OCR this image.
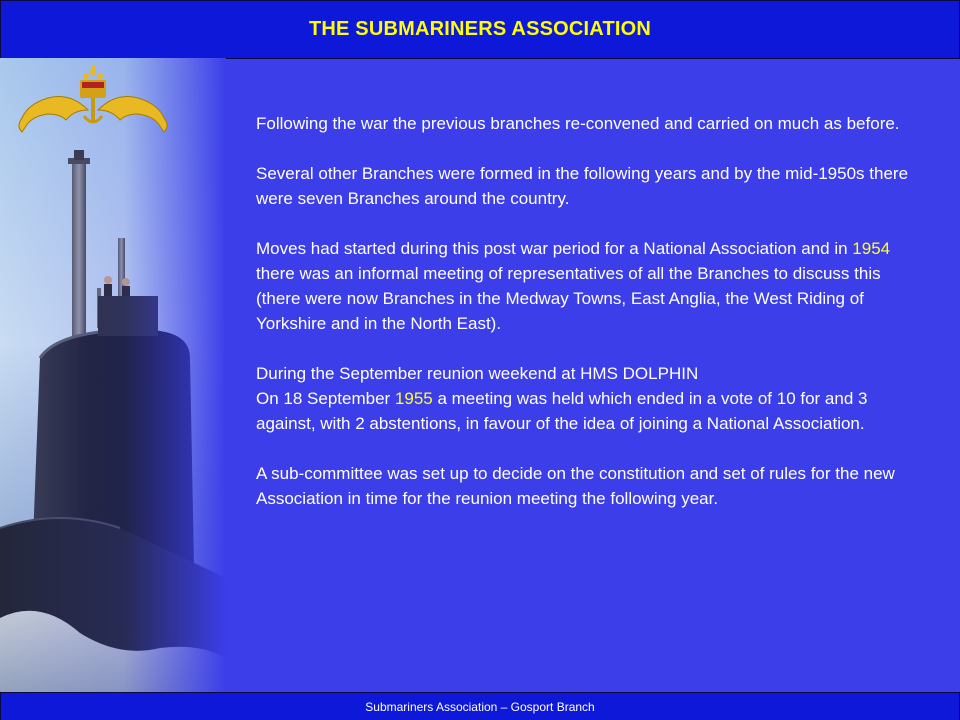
THE SUBMARINERS ASSOCIATION

Following the war the previous branches re-convened and carried on much as before.

Several other Branches were formed in the following years and by the mid-1950s there were seven Branches around the country.

Moves had started during this post war period for a National Association and in 1954 there was an informal meeting of representatives of all the Branches to discuss this (there were now Branches in the Medway Towns, East Anglia, the West Riding of Yorkshire and in the North East).

During the September reunion weekend at HMS DOLPHIN
On 18 September 1955 a meeting was held which ended in a vote of 10 for and 3 against, with 2 abstentions, in favour of the idea of joining a National Association.

A sub-committee was set up to decide on the constitution and set of rules for the new Association in time for the reunion meeting the following year.

Submariners Association – Gosport Branch
